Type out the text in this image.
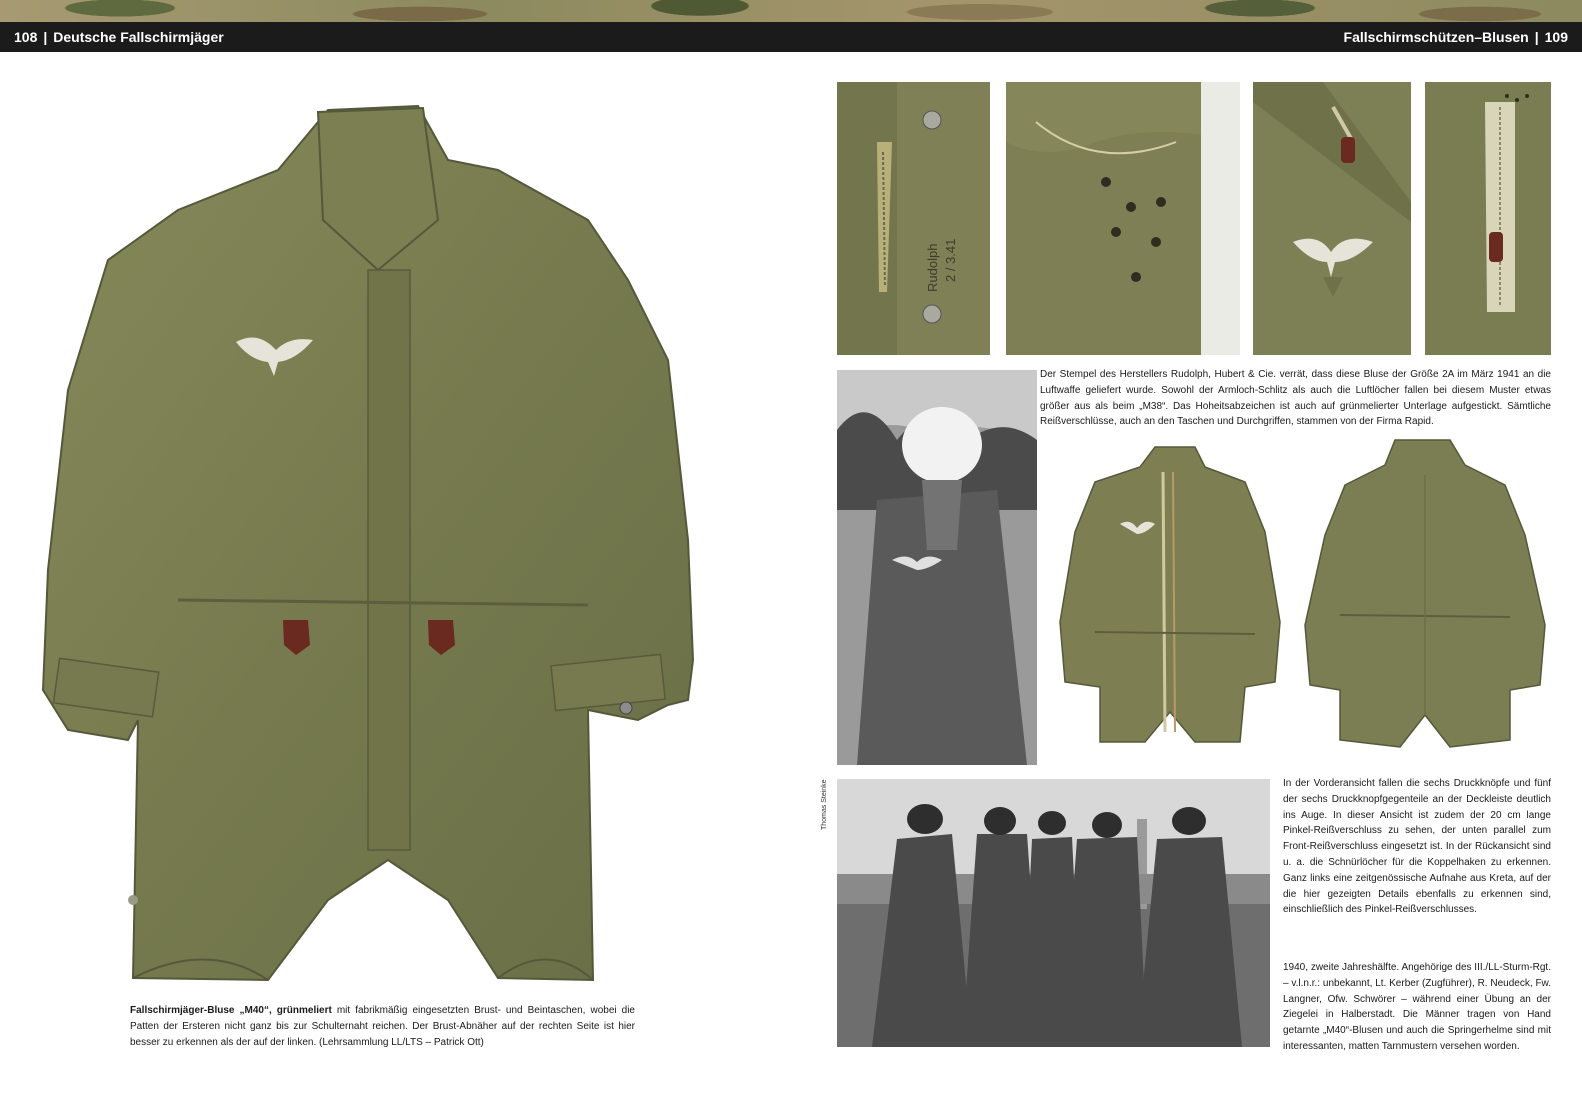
108 | Deutsche Fallschirmjäger	Fallschirmschützen–Blusen | 109
Fallschirmjäger-Bluse „M40“, grünmeliert mit fabrikmäßig eingesetzten Brust- und Beintaschen, wobei die Patten der Ersteren nicht ganz bis zur Schulternaht reichen. Der Brust-Abnäher auf der rechten Seite ist hier besser zu erkennen als der auf der linken. (Lehrsammlung LL/LTS – Patrick Ott)
Rudolph 2 / 3.41
Der Stempel des Herstellers Rudolph, Hubert & Cie. verrät, dass diese Bluse der Größe 2A im März 1941 an die Luftwaffe geliefert wurde. Sowohl der Armloch-Schlitz als auch die Luftlöcher fallen bei diesem Muster etwas größer aus als beim „M38“. Das Hoheitsabzeichen ist auch auf grünmelierter Unterlage aufgestickt. Sämtliche Reißverschlüsse, auch an den Taschen und Durchgriffen, stammen von der Firma Rapid.
In der Vorderansicht fallen die sechs Druckknöpfe und fünf der sechs Druckknopfgegenteile an der Deckleiste deutlich ins Auge. In dieser Ansicht ist zudem der 20 cm lange Pinkel-Reißverschluss zu sehen, der unten parallel zum Front-Reißverschluss eingesetzt ist. In der Rückansicht sind u. a. die Schnürlöcher für die Koppelhaken zu erkennen. Ganz links eine zeitgenössische Aufnahe aus Kreta, auf der die hier gezeigten Details ebenfalls zu erkennen sind, einschließlich des Pinkel-Reißverschlusses.
Thomas Steinke
1940, zweite Jahreshälfte. Angehörige des III./LL-Sturm-Rgt. – v.l.n.r.: unbekannt, Lt. Kerber (Zugführer), R. Neudeck, Fw. Langner, Ofw. Schwörer – während einer Übung an der Ziegelei in Halberstadt. Die Männer tragen von Hand getarnte „M40“-Blusen und auch die Springerhelme sind mit interessanten, matten Tarnmustern versehen worden.
